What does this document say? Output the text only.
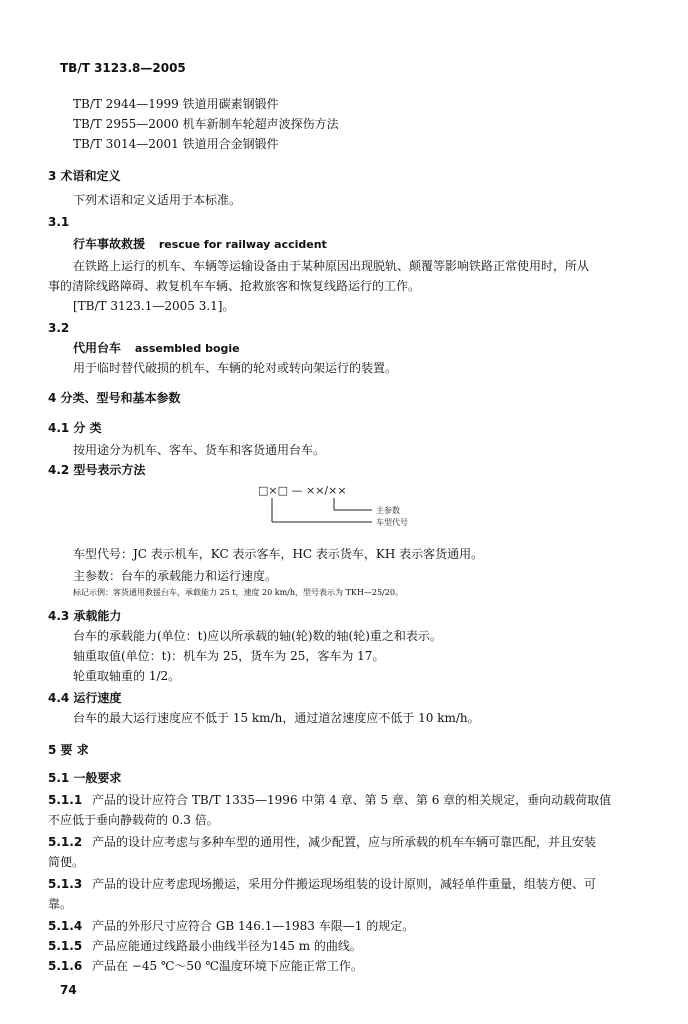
TB/T 3123.8—2005
TB/T 2944—1999 铁道用碳素钢锻件
TB/T 2955—2000 机车新制车轮超声波探伤方法
TB/T 3014—2001 铁道用合金钢锻件
3 术语和定义
下列术语和定义适用于本标准。
3.1
行车事故救援 rescue for railway accident
在铁路上运行的机车、车辆等运输设备由于某种原因出现脱轨、颠覆等影响铁路正常使用时，所从
事的清除线路障碍、救复机车车辆、抢救旅客和恢复线路运行的工作。
[TB/T 3123.1—2005 3.1]。
3.2
代用台车 assembled bogie
用于临时替代破损的机车、车辆的轮对或转向架运行的装置。
4 分类、型号和基本参数
4.1 分 类
按用途分为机车、客车、货车和客货通用台车。
4.2 型号表示方法
□×□ — ××/××
主参数
车型代号
车型代号：JC 表示机车，KC 表示客车，HC 表示货车，KH 表示客货通用。
主参数：台车的承载能力和运行速度。
标记示例：客货通用救援台车，承载能力 25 t，速度 20 km/h，型号表示为 TKH—25/20。
4.3 承载能力
台车的承载能力(单位：t)应以所承载的轴(轮)数的轴(轮)重之和表示。
轴重取值(单位：t)：机车为 25，货车为 25，客车为 17。
轮重取轴重的 1/2。
4.4 运行速度
台车的最大运行速度应不低于 15 km/h，通过道岔速度应不低于 10 km/h。
5 要 求
5.1 一般要求
5.1.1 产品的设计应符合 TB/T 1335—1996 中第 4 章、第 5 章、第 6 章的相关规定，垂向动载荷取值
不应低于垂向静载荷的 0.3 倍。
5.1.2 产品的设计应考虑与多种车型的通用性，减少配置，应与所承载的机车车辆可靠匹配，并且安装
简便。
5.1.3 产品的设计应考虑现场搬运，采用分件搬运现场组装的设计原则，减轻单件重量，组装方便、可
靠。
5.1.4 产品的外形尺寸应符合 GB 146.1—1983 车限—1 的规定。
5.1.5 产品应能通过线路最小曲线半径为145 m 的曲线。
5.1.6 产品在 −45 ℃～50 ℃温度环境下应能正常工作。
74
